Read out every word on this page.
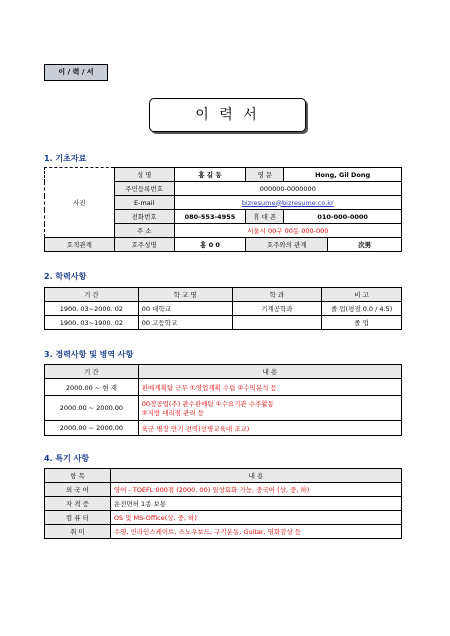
이 / 력 / 서
이 력 서
1. 기초자료
사진	성 명	홍 길 동	영 문	Hong, Gil Dong	
	주민등록번호	000000-0000000			
	E-mail	bizresume@bizresume.co.kr			
	전화번호	080-553-4955	휴 대 폰	010-000-0000	
	주 소	서울시 00구 00동 000-000			
호적관계	호주성명	홍 0 0	호주와의 관계		次男
2. 학력사항
기 간	학 교 명	학 과	비 고
1900. 03~2000. 02	00 대학교	기계공학과	졸 업(평점 0.0 / 4.5)
1900. 03~1900. 02	00 고등학교		졸 업
3. 경력사항 및 병역 사항
기 간	내 용
2000.00 ~ 현 재	판매계획팀 근무 ①영업계획 수립 ②수익분석 등
2000.00 ~ 2000.00	00정공업(주) 관수판매팀 ①수요기관 수주활동
②지방 대리점 관리 등

2000.00 ~ 2000.00	육군 병장 만기 전역(선병교육대 조교)
4. 특기 사항
항 목	내 용
외 국 어	영어 - TOEFL 000점 (2000. 00) 일상회화 가능, 중국어 (상, 중, 하)
자 격 증	운전면허 1종 보통
컴 퓨 터	OS 및 MS-Office(상, 중, 하)
취 미	수영, 인라인스케이트, 스노우보드, 구기운동, Guitar, 영화감상 등
